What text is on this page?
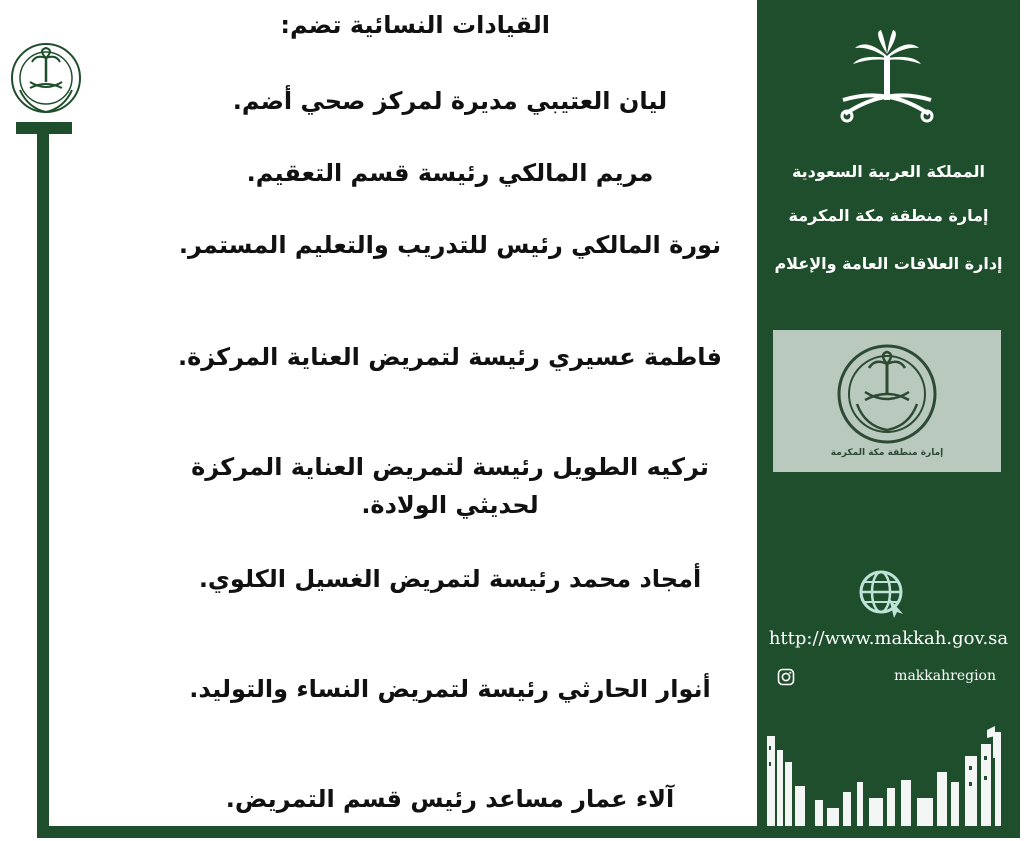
القيادات النسائية تضم:
ليان العتيبي مديرة لمركز صحي أضم.
مريم المالكي رئيسة قسم التعقيم.
نورة المالكي رئيس للتدريب والتعليم المستمر.
فاطمة عسيري رئيسة لتمريض العناية المركزة.
تركيه الطويل رئيسة لتمريض العناية المركزة لحديثي الولادة.
أمجاد محمد رئيسة لتمريض الغسيل الكلوي.
أنوار الحارثي رئيسة لتمريض النساء والتوليد.
آلاء عمار مساعد رئيس قسم التمريض.
المملكة العربية السعودية
إمارة منطقة مكة المكرمة
إدارة العلاقات العامة والإعلام
إمارة منطقة مكة المكرمة
http://www.makkah.gov.sa
makkahregion
